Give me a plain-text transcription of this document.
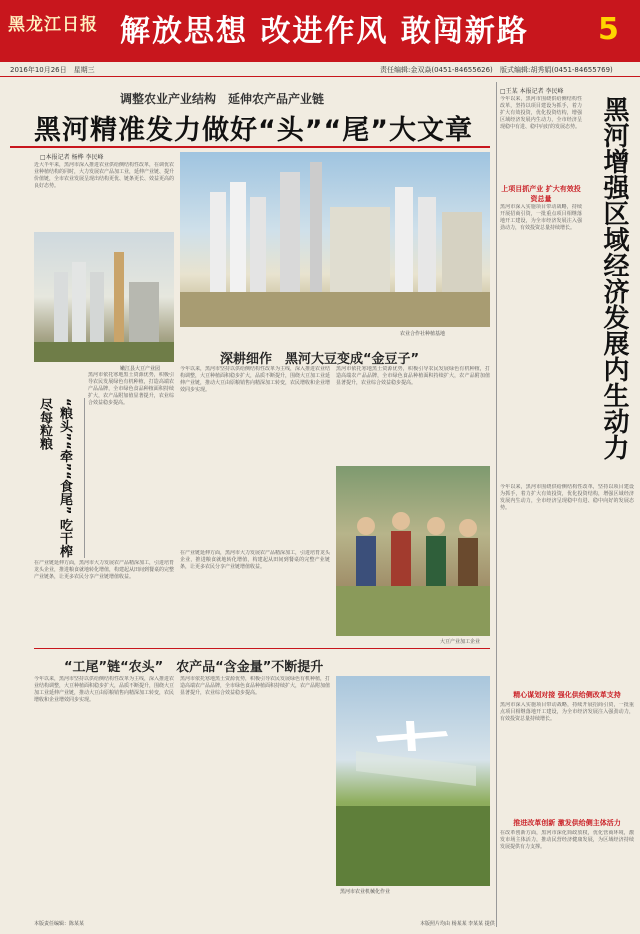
黑龙江日报 解放思想 改进作风 敢闯新路 5
2016年10月26日　星期三	责任编辑:金双焱(0451-84655626) 版式编辑:胡秀娟(0451-84655769)
调整农业产业结构　延伸农产品产业链
黑河精准发力做好“头”“尾”大文章
□本报记者 杨桦 李民峰
近大半年来，黑河市深入推进农业供给侧结构性改革，在调优农业种植结构的同时，大力发展农产品加工业，延伸产业链、提升价值链，全市农业发展呈现出结构更优、链条更长、效益更高的良好态势。
嫩江县大豆产业园
黑河市依托寒地黑土资源优势，积极引导农民发展绿色有机种植，打造高端农产品品牌，全市绿色食品种植面积持续扩大，农产品附加值显著提升，农业综合效益稳步提高。
“粮头”“牵”“食尾” 吃干榨尽每粒粮
在产业链延伸方面，黑河市大力发展农产品精深加工，引进培育龙头企业，推进粮食就地转化增值，构建起从田间到餐桌的完整产业链条，让更多农民分享产业链增值收益。
农业合作社种植基地
深耕细作　黑河大豆变成“金豆子”
今年以来，黑河市坚持以供给侧结构性改革为主线，深入推进农业结构调整，大豆种植面积稳步扩大，品质不断提升，围绕大豆加工业延伸产业链，推动大豆由原粮销售向精深加工转变，农民增收和企业增效同步实现。
黑河市依托寒地黑土资源优势，积极引导农民发展绿色有机种植，打造高端农产品品牌，全市绿色食品种植面积持续扩大，农产品附加值显著提升，农业综合效益稳步提高。
大豆产业加工企业
在产业链延伸方面，黑河市大力发展农产品精深加工，引进培育龙头企业，推进粮食就地转化增值，构建起从田间到餐桌的完整产业链条，让更多农民分享产业链增值收益。
“工尾”链“农头”　农产品“含金量”不断提升
今年以来，黑河市坚持以供给侧结构性改革为主线，深入推进农业结构调整，大豆种植面积稳步扩大，品质不断提升，围绕大豆加工业延伸产业链，推动大豆由原粮销售向精深加工转变，农民增收和企业增效同步实现。
黑河市依托寒地黑土资源优势，积极引导农民发展绿色有机种植，打造高端农产品品牌，全市绿色食品种植面积持续扩大，农产品附加值显著提升，农业综合效益稳步提高。
黑河市农业机械化作业
本版责任编辑：陈某某	本版照片均由 杨某某 李某某 提供
□王某 本报记者 李民峰
今年以来，黑河市围绕供给侧结构性改革，坚持以项目建设为抓手，着力扩大有效投资，优化投资结构，增强区域经济发展内生动力，全市经济呈现稳中有进、稳中向好的发展态势。 黑河增强区域经济发展内生动力
上项目抓产业 扩大有效投资总量
黑河市深入实施项目带动战略，持续开展招商引资，一批重点项目相继落地开工建设，为全市经济发展注入强劲动力，有效投资总量持续增长。
今年以来，黑河市围绕供给侧结构性改革，坚持以项目建设为抓手，着力扩大有效投资，优化投资结构，增强区域经济发展内生动力，全市经济呈现稳中有进、稳中向好的发展态势。
精心谋划对接 强化供给侧改革支持
黑河市深入实施项目带动战略，持续开展招商引资，一批重点项目相继落地开工建设，为全市经济发展注入强劲动力，有效投资总量持续增长。
推进改革创新 激发供给侧主体活力
在改革创新方面，黑河市深化简政放权，优化营商环境，激发市场主体活力，推动民营经济健康发展，为区域经济持续发展提供有力支撑。
